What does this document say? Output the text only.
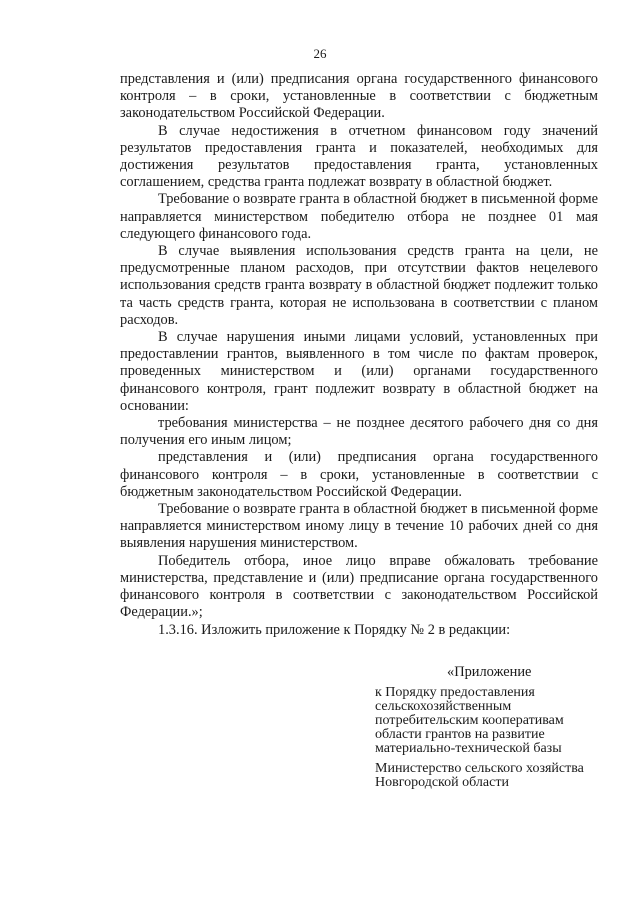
26

представления и (или) предписания органа государственного финансового контроля – в сроки, установленные в соответствии с бюджетным законодательством Российской Федерации.

В случае недостижения в отчетном финансовом году значений результатов предоставления гранта и показателей, необходимых для достижения результатов предоставления гранта, установленных соглашением, средства гранта подлежат возврату в областной бюджет.

Требование о возврате гранта в областной бюджет в письменной форме направляется министерством победителю отбора не позднее 01 мая следующего финансового года.

В случае выявления использования средств гранта на цели, не предусмотренные планом расходов, при отсутствии фактов нецелевого использования средств гранта возврату в областной бюджет подлежит только та часть средств гранта, которая не использована в соответствии с планом расходов.

В случае нарушения иными лицами условий, установленных при предоставлении грантов, выявленного в том числе по фактам проверок, проведенных министерством и (или) органами государственного финансового контроля, грант подлежит возврату в областной бюджет на основании:

требования министерства – не позднее десятого рабочего дня со дня получения его иным лицом;

представления и (или) предписания органа государственного финансового контроля – в сроки, установленные в соответствии с бюджетным законодательством Российской Федерации.

Требование о возврате гранта в областной бюджет в письменной форме направляется министерством иному лицу в течение 10 рабочих дней со дня выявления нарушения министерством.

Победитель отбора, иное лицо вправе обжаловать требование министерства, представление и (или) предписание органа государственного финансового контроля в соответствии с законодательством Российской Федерации.»;

1.3.16. Изложить приложение к Порядку № 2 в редакции:

«Приложение
к Порядку предоставления сельскохозяйственным потребительским кооперативам области грантов на развитие материально-технической базы
Министерство сельского хозяйства Новгородской области
